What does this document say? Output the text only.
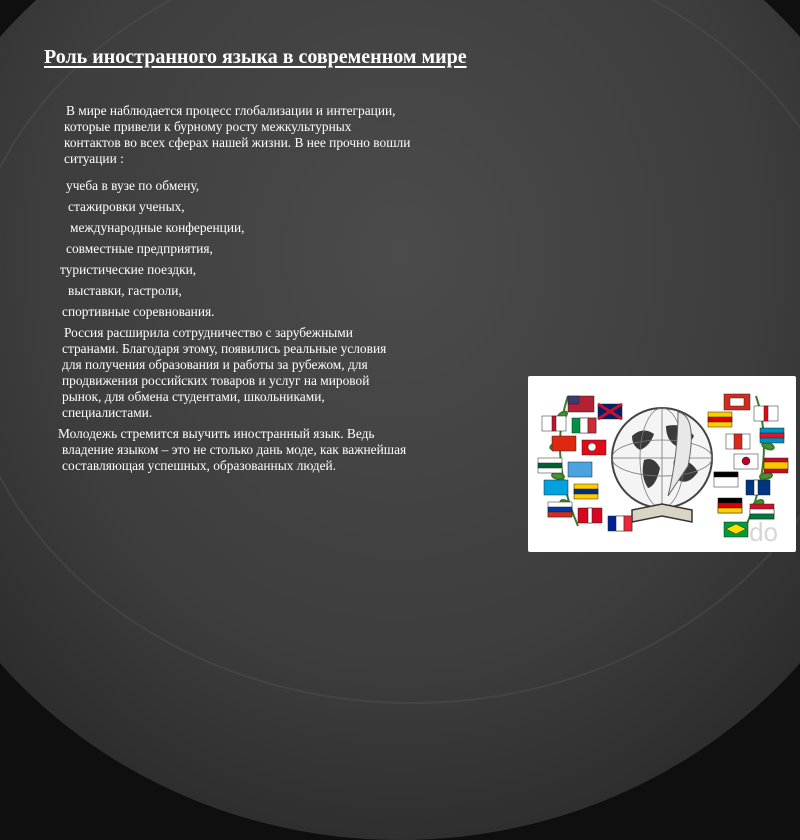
Роль иностранного языка в современном мире
В мире наблюдается процесс глобализации и интеграции,
которые привели к бурному росту межкультурных
контактов во всех сферах нашей жизни. В нее прочно вошли
ситуации :
учеба в вузе по обмену,
стажировки ученых,
международные конференции,
совместные предприятия,
туристические поездки,
выставки, гастроли,
спортивные соревнования.
Россия расширила сотрудничество с зарубежными
странами. Благодаря этому, появились реальные условия
для получения образования и работы за рубежом, для
продвижения российских товаров и услуг на мировой
рынок, для обмена студентами, школьниками,
специалистами.
Молодежь стремится выучить иностранный язык. Ведь
владение языком – это не столько дань моде, как важнейшая
составляющая успешных, образованных людей.
do
